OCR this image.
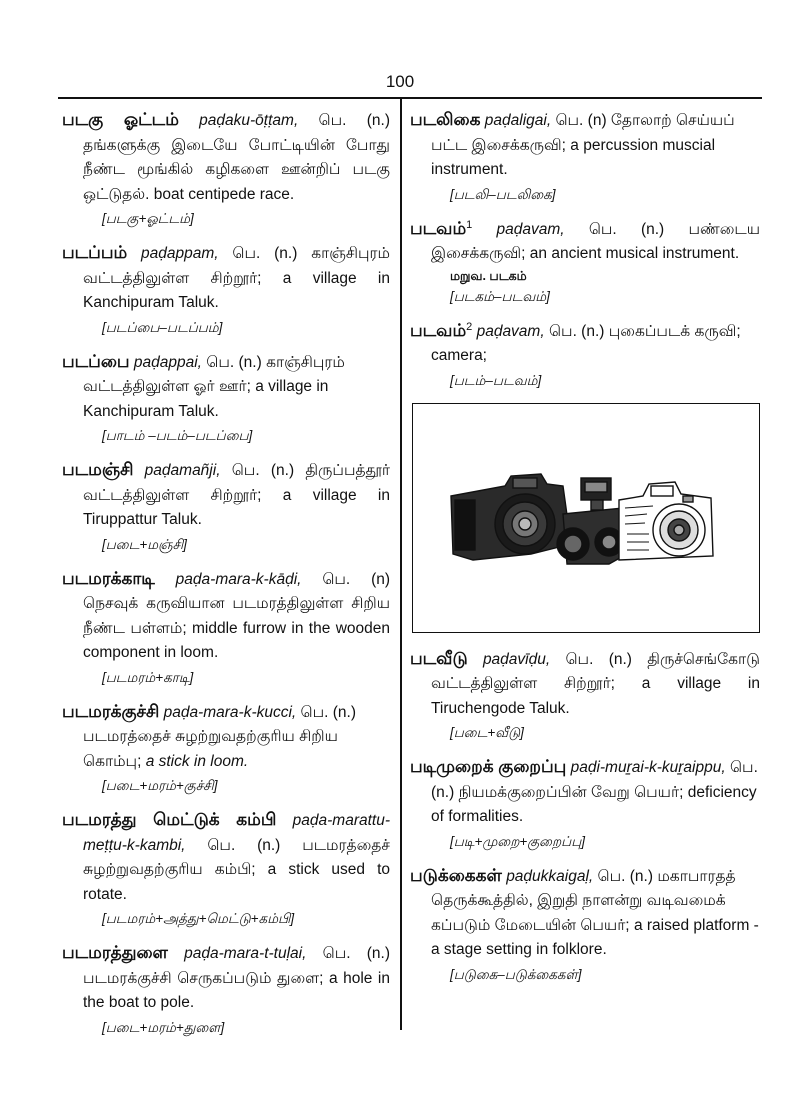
100

படகு ஓட்டம் paḍaku-ōṭṭam, பெ. (n.) தங்களுக்கு இடையே போட்டியின் போது நீண்ட மூங்கில் கழிகளை ஊன்றிப் படகு ஒட்டுதல். boat centipede race.

[படகு+ஓட்டம்]

படப்பம் paḍappam, பெ. (n.) காஞ்சிபுரம் வட்டத்திலுள்ள சிற்றூர்; a village in Kanchipuram Taluk.

[படப்பை–படப்பம்]

படப்பை paḍappai, பெ. (n.) காஞ்சிபுரம் வட்டத்திலுள்ள ஓர் ஊர்; a village in Kanchipuram Taluk.

[பாடம் –படம்–படப்பை]

படமஞ்சி paḍamañji, பெ. (n.) திருப்பத்தூர் வட்டத்திலுள்ள சிற்றூர்; a village in Tiruppattur Taluk.

[படை+மஞ்சி]

படமரக்காடி paḍa-mara-k-kāḍi, பெ. (n) நெசவுக் கருவியான படமரத்திலுள்ள சிறிய நீண்ட பள்ளம்; middle furrow in the wooden component in loom.

[படமரம்+காடி]

படமரக்குச்சி paḍa-mara-k-kucci, பெ. (n.) படமரத்தைச் சுழற்றுவதற்குரிய சிறிய கொம்பு; a stick in loom.

[படை+மரம்+குச்சி]

படமரத்து மெட்டுக் கம்பி paḍa-marattu-meṭṭu-k-kambi, பெ. (n.) படமரத்தைச் சுழற்றுவதற்குரிய கம்பி; a stick used to rotate.

[படமரம்+அத்து+மெட்டு+கம்பி]

படமரத்துளை paḍa-mara-t-tuḷai, பெ. (n.) படமரக்குச்சி செருகப்படும் துளை; a hole in the boat to pole.

[படை+மரம்+துளை]

படலிகை paḍaligai, பெ. (n) தோலாற் செய்யப் பட்ட இசைக்கருவி; a percussion muscial instrument.

[படலி–படலிகை]

படவம்$^1$ paḍavam, பெ. (n.) பண்டைய இசைக்கருவி; an ancient musical instrument.

மறுவ. படகம்

[படகம்–படவம்]

படவம்$^2$ paḍavam, பெ. (n.) புகைப்படக் கருவி; camera;

[படம்–படவம்]

படவீடு paḍavīḍu, பெ. (n.) திருச்செங்கோடு வட்டத்திலுள்ள சிற்றூர்; a village in Tiruchengode Taluk.

[படை+வீடு]

படிமுறைக் குறைப்பு paḍi-muṟai-k-kuṟaippu, பெ. (n.) நியமக்குறைப்பின் வேறு பெயர்; deficiency of formalities.

[படி+முறை+குறைப்பு]

படுக்கைகள் paḍukkaigaḷ, பெ. (n.) மகாபாரதத் தெருக்கூத்தில், இறுதி நாளன்று வடிவமைக் கப்படும் மேடையின் பெயர்; a raised platform - a stage setting in folklore.

[படுகை–படுக்கைகள்]
